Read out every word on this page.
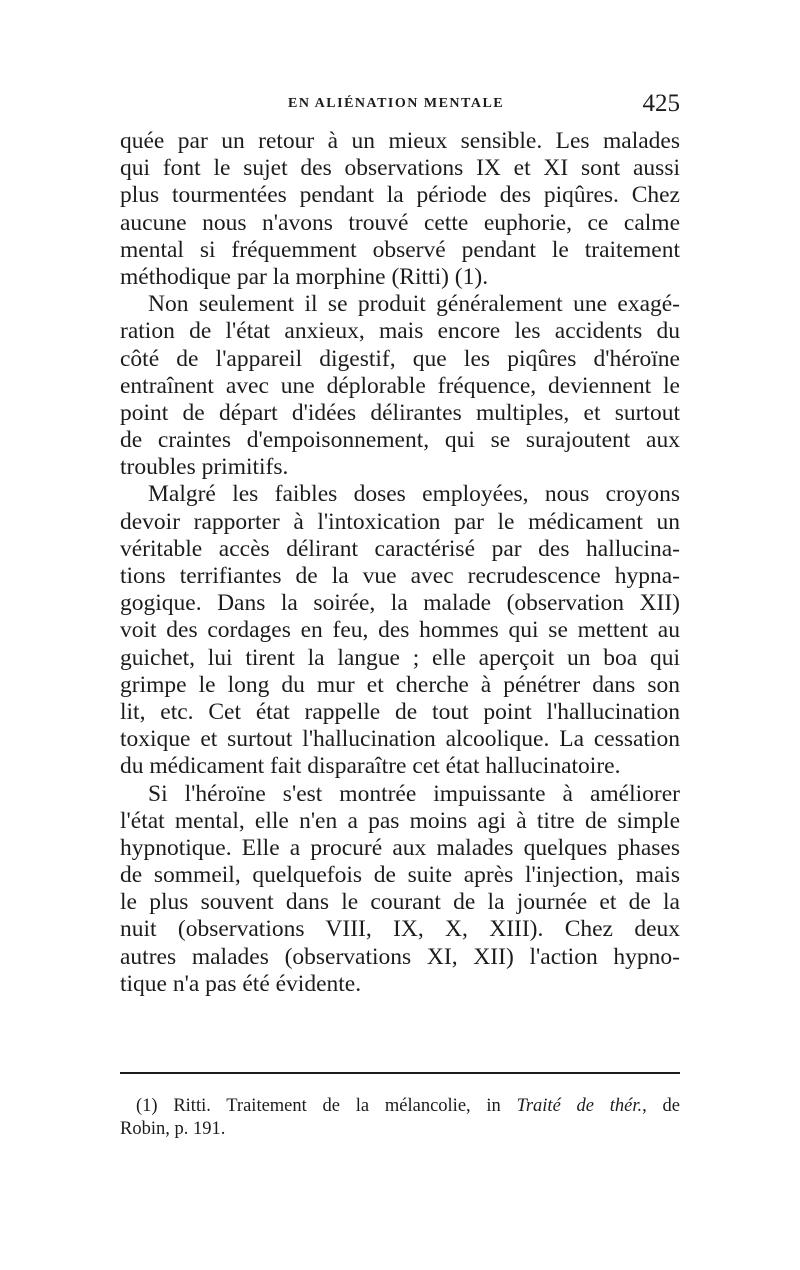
EN ALIÉNATION MENTALE	425
quée par un retour à un mieux sensible. Les malades
qui font le sujet des observations IX et XI sont aussi
plus tourmentées pendant la période des piqûres. Chez
aucune nous n'avons trouvé cette euphorie, ce calme
mental si fréquemment observé pendant le traitement
méthodique par la morphine (Ritti) (1).
Non seulement il se produit généralement une exagé-
ration de l'état anxieux, mais encore les accidents du
côté de l'appareil digestif, que les piqûres d'héroïne
entraînent avec une déplorable fréquence, deviennent le
point de départ d'idées délirantes multiples, et surtout
de craintes d'empoisonnement, qui se surajoutent aux
troubles primitifs.
Malgré les faibles doses employées, nous croyons
devoir rapporter à l'intoxication par le médicament un
véritable accès délirant caractérisé par des hallucina-
tions terrifiantes de la vue avec recrudescence hypna-
gogique. Dans la soirée, la malade (observation XII)
voit des cordages en feu, des hommes qui se mettent au
guichet, lui tirent la langue ; elle aperçoit un boa qui
grimpe le long du mur et cherche à pénétrer dans son
lit, etc. Cet état rappelle de tout point l'hallucination
toxique et surtout l'hallucination alcoolique. La cessation
du médicament fait disparaître cet état hallucinatoire.
Si l'héroïne s'est montrée impuissante à améliorer
l'état mental, elle n'en a pas moins agi à titre de simple
hypnotique. Elle a procuré aux malades quelques phases
de sommeil, quelquefois de suite après l'injection, mais
le plus souvent dans le courant de la journée et de la
nuit (observations VIII, IX, X, XIII). Chez deux
autres malades (observations XI, XII) l'action hypno-
tique n'a pas été évidente.
(1) Ritti. Traitement de la mélancolie, in Traité de thér., de
Robin, p. 191.
